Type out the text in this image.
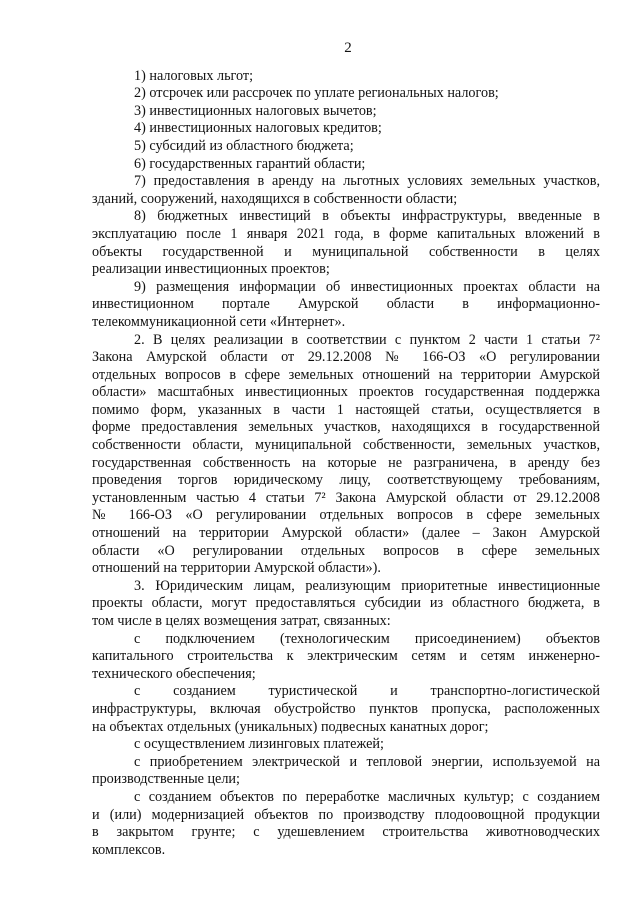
2
1) налоговых льгот;
2) отсрочек или рассрочек по уплате региональных налогов;
3) инвестиционных налоговых вычетов;
4) инвестиционных налоговых кредитов;
5) субсидий из областного бюджета;
6) государственных гарантий области;
7) предоставления в аренду на льготных условиях земельных участков,
зданий, сооружений, находящихся в собственности области;
8) бюджетных инвестиций в объекты инфраструктуры, введенные в
эксплуатацию после 1 января 2021 года, в форме капитальных вложений в
объекты государственной и муниципальной собственности в целях
реализации инвестиционных проектов;
9) размещения информации об инвестиционных проектах области на
инвестиционном портале Амурской области в информационно-
телекоммуникационной сети «Интернет».
2. В целях реализации в соответствии с пунктом 2 части 1 статьи 7²
Закона Амурской области от 29.12.2008 № 166-ОЗ «О регулировании
отдельных вопросов в сфере земельных отношений на территории Амурской
области» масштабных инвестиционных проектов государственная поддержка
помимо форм, указанных в части 1 настоящей статьи, осуществляется в
форме предоставления земельных участков, находящихся в государственной
собственности области, муниципальной собственности, земельных участков,
государственная собственность на которые не разграничена, в аренду без
проведения торгов юридическому лицу, соответствующему требованиям,
установленным частью 4 статьи 7² Закона Амурской области от 29.12.2008
№ 166-ОЗ «О регулировании отдельных вопросов в сфере земельных
отношений на территории Амурской области» (далее – Закон Амурской
области «О регулировании отдельных вопросов в сфере земельных
отношений на территории Амурской области»).
3. Юридическим лицам, реализующим приоритетные инвестиционные
проекты области, могут предоставляться субсидии из областного бюджета, в
том числе в целях возмещения затрат, связанных:
с подключением (технологическим присоединением) объектов
капитального строительства к электрическим сетям и сетям инженерно-
технического обеспечения;
с созданием туристической и транспортно-логистической
инфраструктуры, включая обустройство пунктов пропуска, расположенных
на объектах отдельных (уникальных) подвесных канатных дорог;
с осуществлением лизинговых платежей;
с приобретением электрической и тепловой энергии, используемой на
производственные цели;
с созданием объектов по переработке масличных культур; с созданием
и (или) модернизацией объектов по производству плодоовощной продукции
в закрытом грунте; с удешевлением строительства животноводческих
комплексов.
